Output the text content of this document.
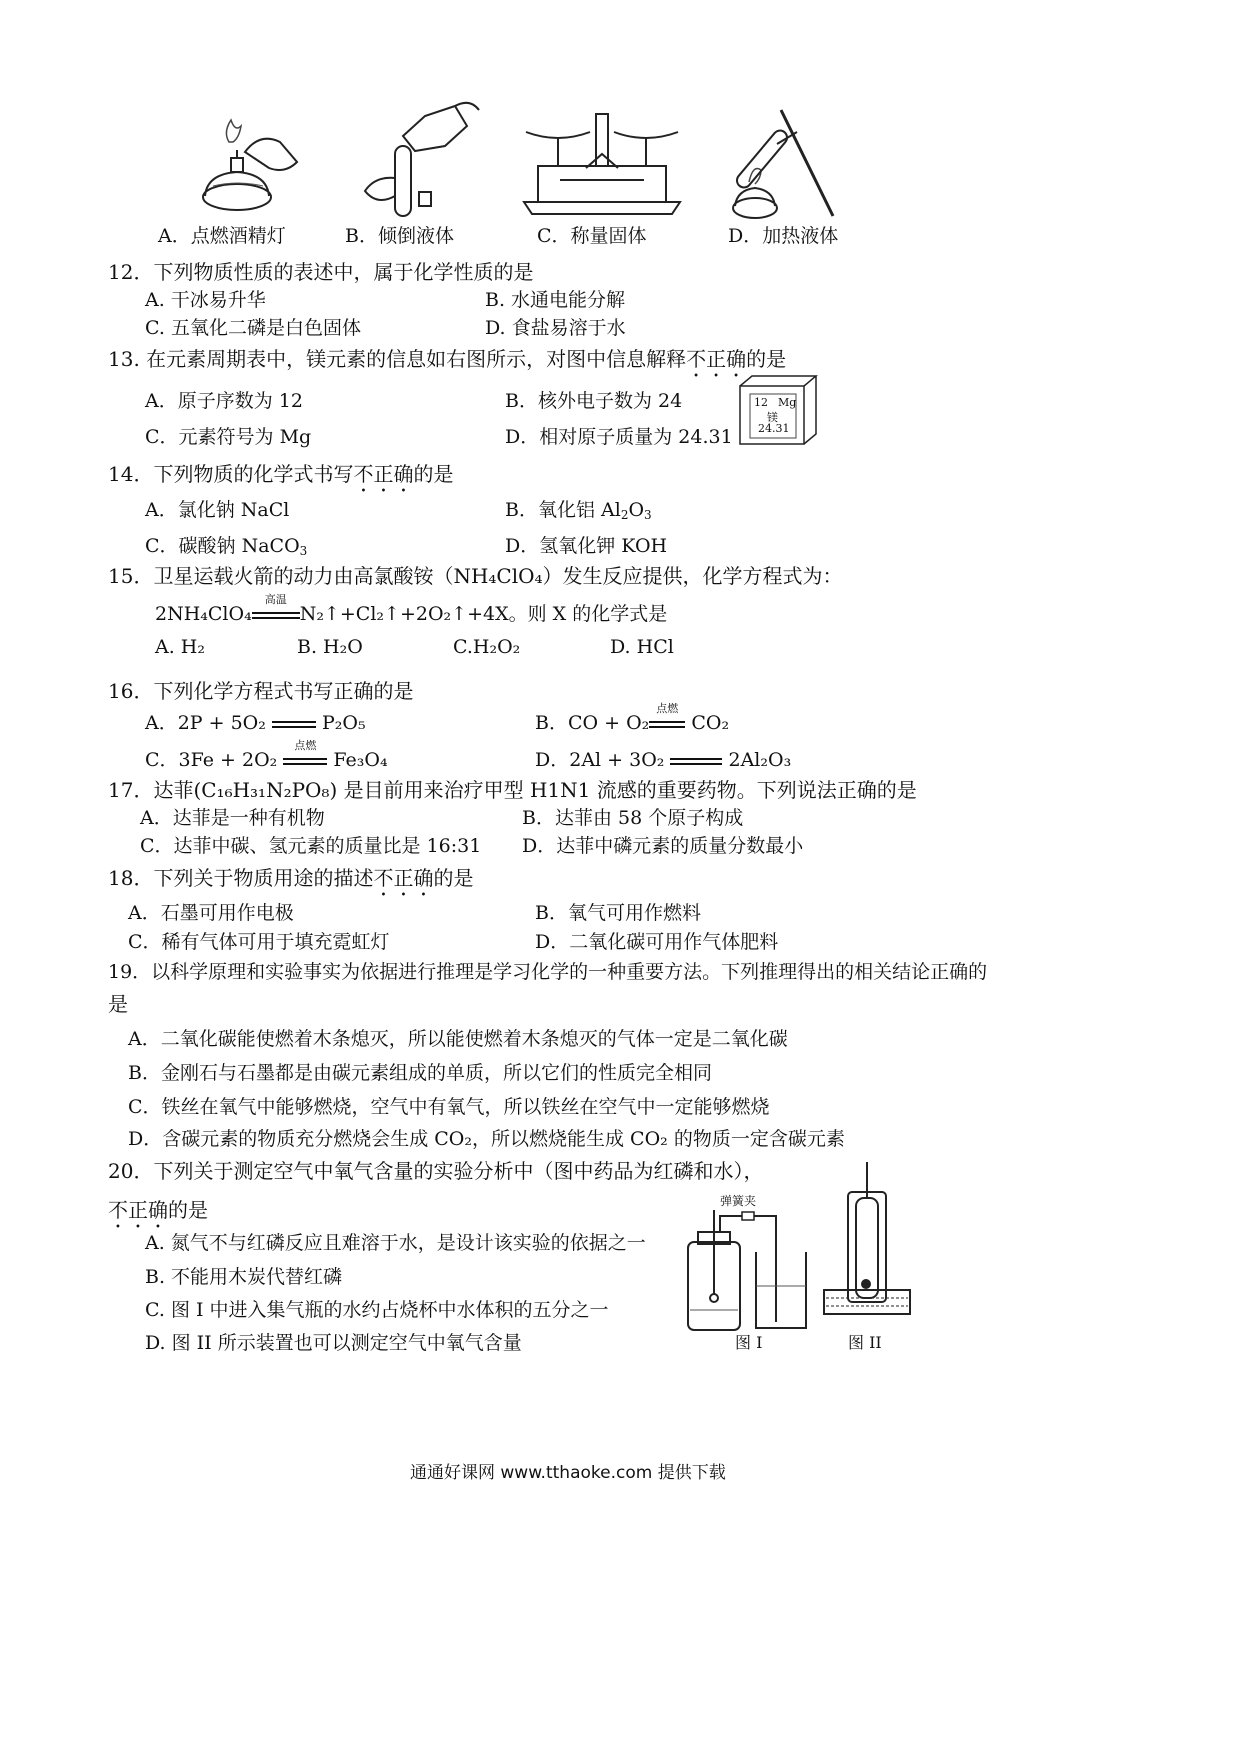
A．点燃酒精灯	B．倾倒液体	C．称量固体	D．加热液体
12．下列物质性质的表述中，属于化学性质的是
A. 干冰易升华	B. 水通电能分解
C. 五氧化二磷是白色固体	D. 食盐易溶于水
13. 在元素周期表中，镁元素的信息如右图所示，对图中信息解释不正确的是
A．原子序数为 12	B．核外电子数为 24
C．元素符号为 Mg	D．相对原子质量为 24.31
12 Mg
镁
24.31
14．下列物质的化学式书写不正确的是
A．氯化钠 NaCl	B．氧化铝 $Al_2O_3$
C．碳酸钠 NaCO$_3$	D．氢氧化钾 KOH
15．卫星运载火箭的动力由高氯酸铵（NH₄ClO₄）发生反应提供，化学方程式为：
2NH₄ClO₄
高温
N₂↑+Cl₂↑+2O₂↑+4X。则 X 的化学式是
A. H₂	B. H₂O	C.H₂O₂	D. HCl
16．下列化学方程式书写正确的是
A．2P + 5O₂	P₂O₅	B．CO + O₂
点燃
CO₂
C．3Fe + 2O₂
点燃
Fe₃O₄	D．2Al + 3O₂	2Al₂O₃
17．达菲(C₁₆H₃₁N₂PO₈) 是目前用来治疗甲型 H1N1 流感的重要药物。下列说法正确的是
A．达菲是一种有机物	B．达菲由 58 个原子构成
C．达菲中碳、氢元素的质量比是 16:31 D．达菲中磷元素的质量分数最小
18．下列关于物质用途的描述不正确的是
A．石墨可用作电极	B．氧气可用作燃料
C．稀有气体可用于填充霓虹灯	D．二氧化碳可用作气体肥料
19．以科学原理和实验事实为依据进行推理是学习化学的一种重要方法。下列推理得出的相关结论正确的
是
A．二氧化碳能使燃着木条熄灭，所以能使燃着木条熄灭的气体一定是二氧化碳
B．金刚石与石墨都是由碳元素组成的单质，所以它们的性质完全相同
C．铁丝在氧气中能够燃烧，空气中有氧气，所以铁丝在空气中一定能够燃烧
D．含碳元素的物质充分燃烧会生成 CO₂，所以燃烧能生成 CO₂ 的物质一定含碳元素
20．下列关于测定空气中氧气含量的实验分析中（图中药品为红磷和水），
不正确的是
A. 氮气不与红磷反应且难溶于水，是设计该实验的依据之一
B. 不能用木炭代替红磷
C. 图 I 中进入集气瓶的水约占烧杯中水体积的五分之一
D. 图 II 所示装置也可以测定空气中氧气含量
弹簧夹
图 I	图 II
通通好课网 www.tthaoke.com 提供下载
